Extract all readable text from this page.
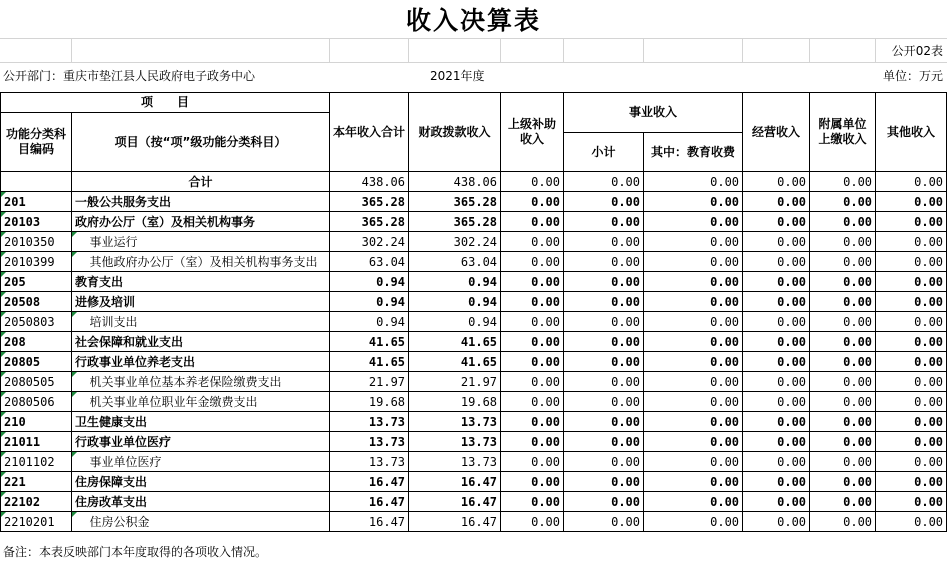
收入决算表
公开02表
公开部门：重庆市垫江县人民政府电子政务中心	2021年度	单位：万元
项　　目		本年收入合计	财政拨款收入	上级补助收入	事业收入		经营收入	附属单位上缴收入	其他收入
功能分类科目编码	项目（按“项”级功能分类科目）								
					小计	其中：教育收费			
	合计	438.06	438.06	0.00	0.00	0.00	0.00	0.00	0.00

201	一般公共服务支出	365.28	365.28	0.00	0.00	0.00	0.00	0.00	0.00

20103	政府办公厅（室）及相关机构事务	365.28	365.28	0.00	0.00	0.00	0.00	0.00	0.00

2010350	事业运行	302.24	302.24	0.00	0.00	0.00	0.00	0.00	0.00

2010399	其他政府办公厅（室）及相关机构事务支出	63.04	63.04	0.00	0.00	0.00	0.00	0.00	0.00

205	教育支出	0.94	0.94	0.00	0.00	0.00	0.00	0.00	0.00

20508	进修及培训	0.94	0.94	0.00	0.00	0.00	0.00	0.00	0.00

2050803	培训支出	0.94	0.94	0.00	0.00	0.00	0.00	0.00	0.00

208	社会保障和就业支出	41.65	41.65	0.00	0.00	0.00	0.00	0.00	0.00

20805	行政事业单位养老支出	41.65	41.65	0.00	0.00	0.00	0.00	0.00	0.00

2080505	机关事业单位基本养老保险缴费支出	21.97	21.97	0.00	0.00	0.00	0.00	0.00	0.00

2080506	机关事业单位职业年金缴费支出	19.68	19.68	0.00	0.00	0.00	0.00	0.00	0.00

210	卫生健康支出	13.73	13.73	0.00	0.00	0.00	0.00	0.00	0.00

21011	行政事业单位医疗	13.73	13.73	0.00	0.00	0.00	0.00	0.00	0.00

2101102	事业单位医疗	13.73	13.73	0.00	0.00	0.00	0.00	0.00	0.00

221	住房保障支出	16.47	16.47	0.00	0.00	0.00	0.00	0.00	0.00

22102	住房改革支出	16.47	16.47	0.00	0.00	0.00	0.00	0.00	0.00

2210201	住房公积金	16.47	16.47	0.00	0.00	0.00	0.00	0.00	0.00
备注：本表反映部门本年度取得的各项收入情况。
